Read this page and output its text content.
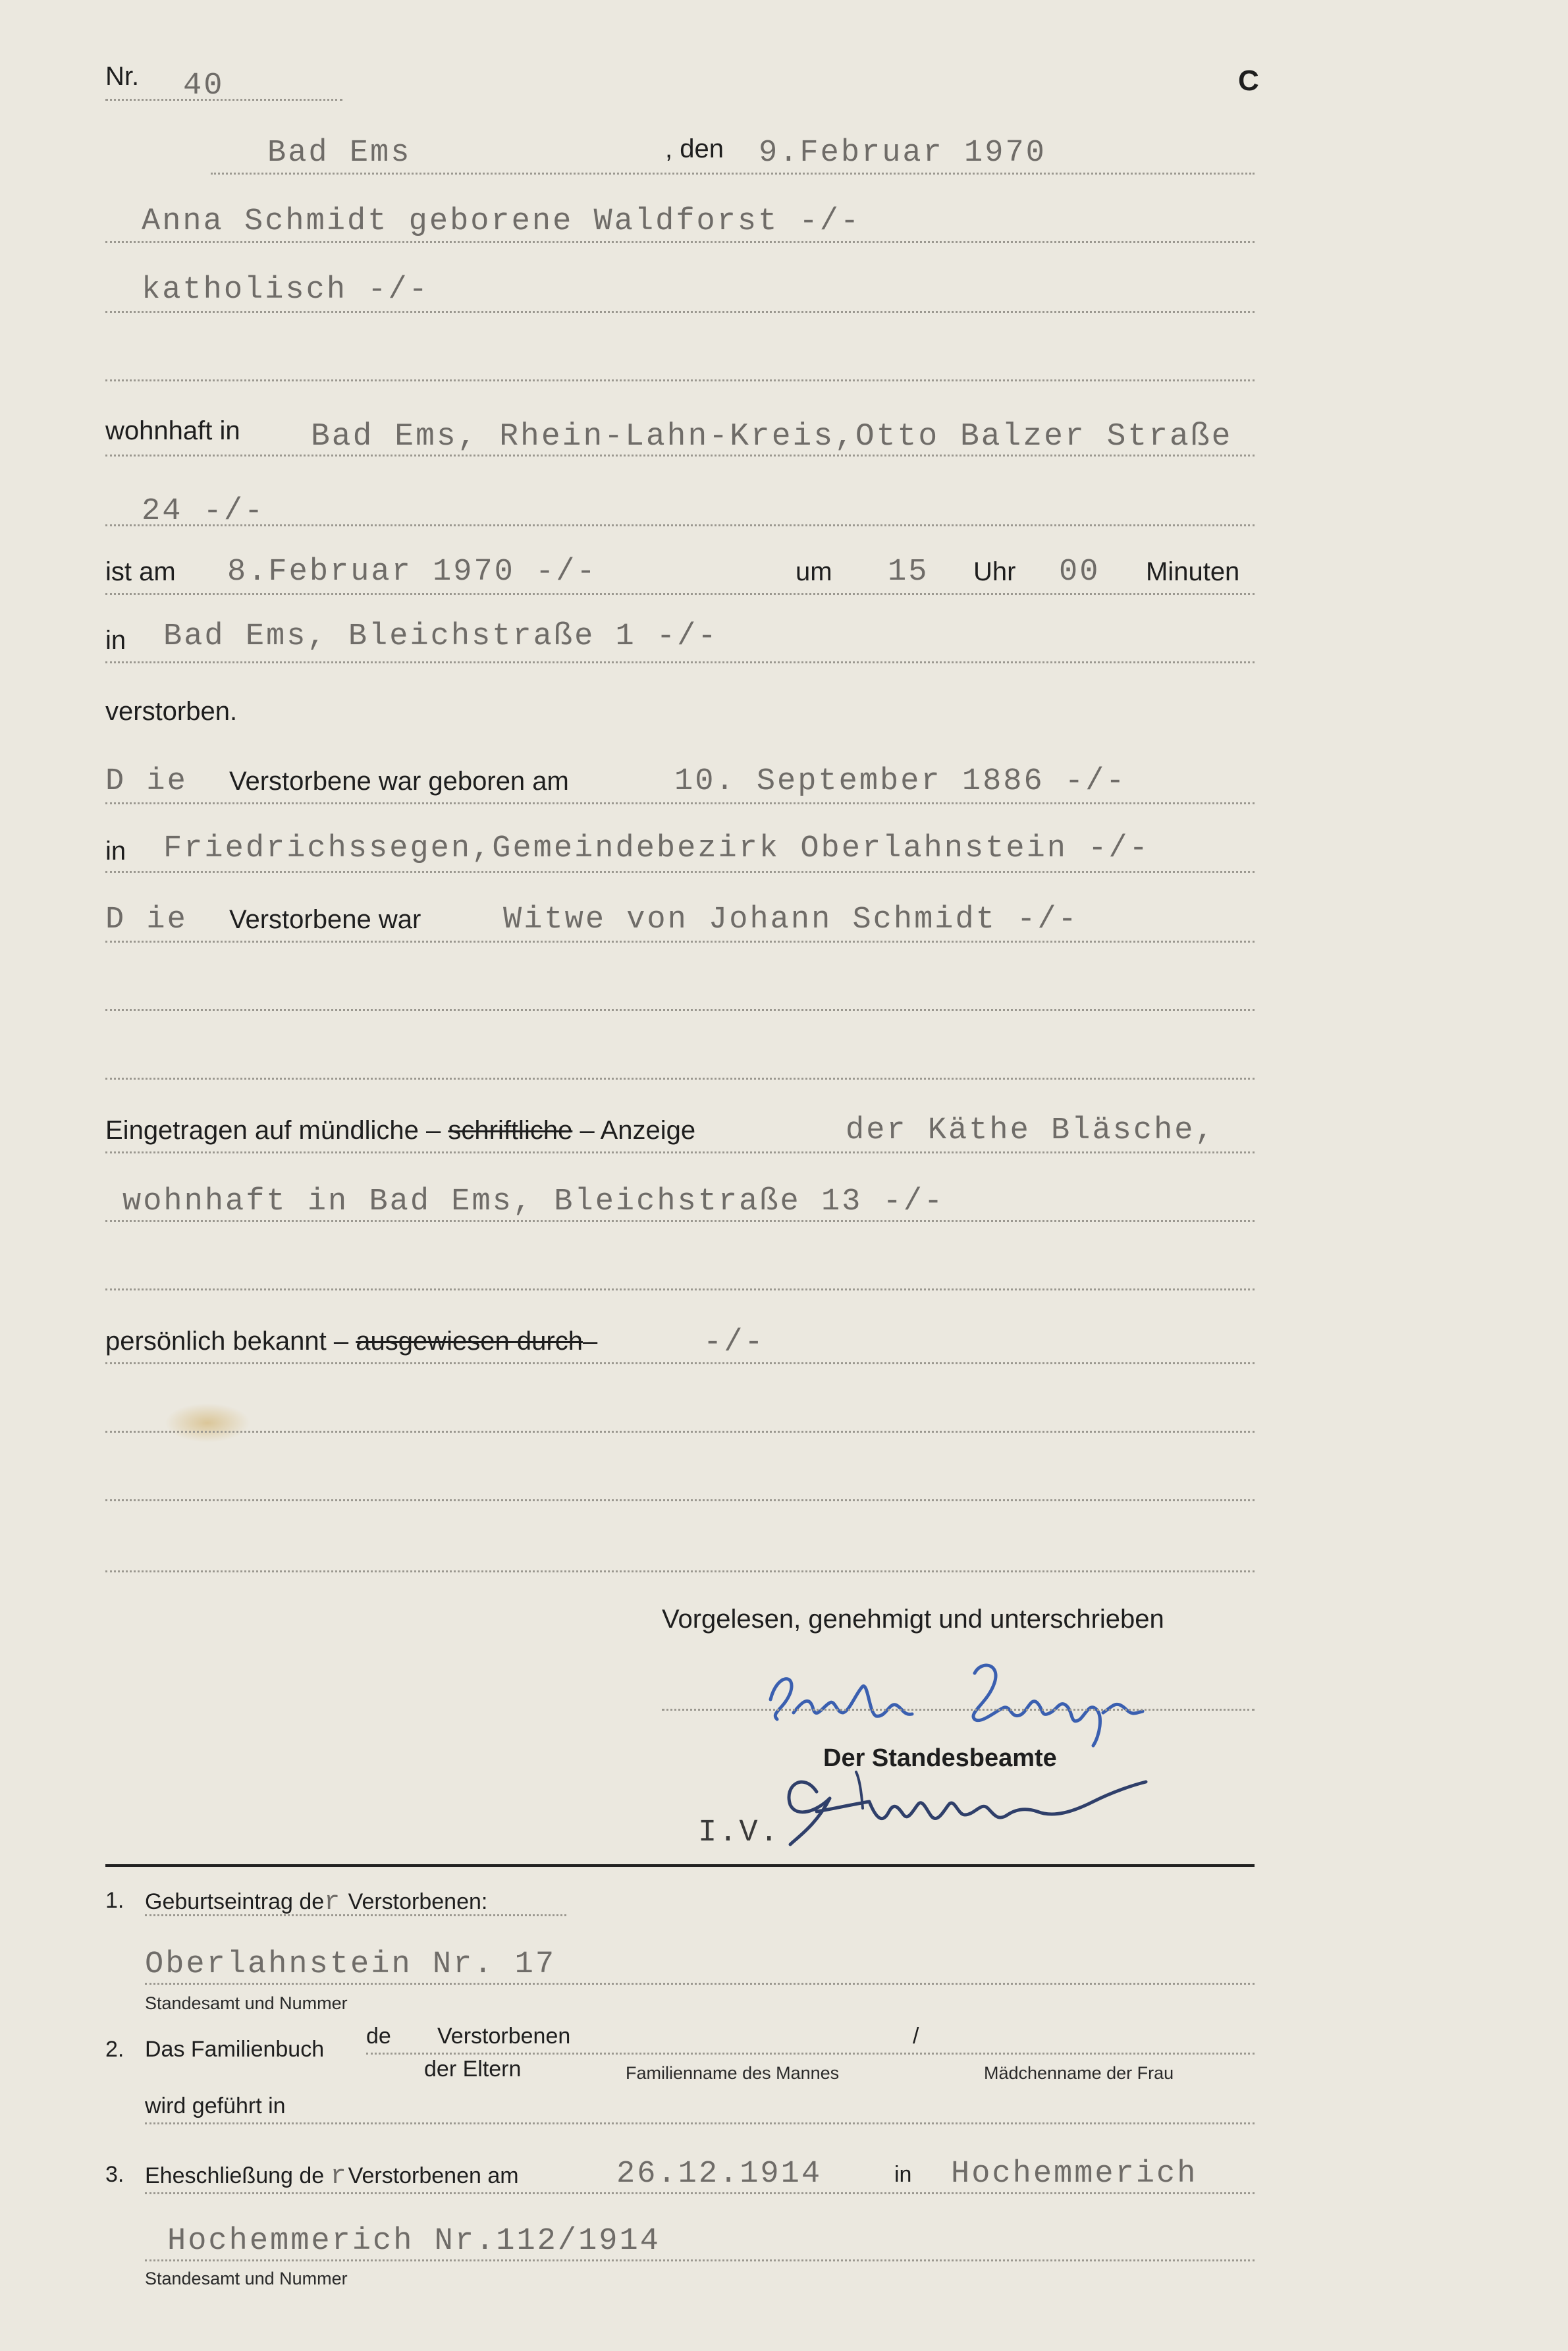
Nr. 40	C
Bad Ems	, den 9.Februar 1970
Anna Schmidt geborene Waldforst -/-
katholisch -/-
wohnhaft in Bad Ems, Rhein-Lahn-Kreis,Otto Balzer Straße
24 -/-
ist am 8.Februar 1970 -/-	um 15 Uhr 00 Minuten
in Bad Ems, Bleichstraße 1 -/-
verstorben.
D ie Verstorbene war geboren am	10. September 1886 -/-
in Friedrichssegen,Gemeindebezirk Oberlahnstein -/-
D ie Verstorbene war	Witwe von Johann Schmidt -/-
Eingetragen auf mündliche – schriftliche – Anzeige	der Käthe Bläsche,
wohnhaft in Bad Ems, Bleichstraße 13 -/-
persönlich bekannt – ausgewiesen durch–	-/-
Vorgelesen, genehmigt und unterschrieben
Der Standesbeamte
I.V.
1. Geburtseintrag der Verstorbenen:
Oberlahnstein Nr. 17
Standesamt und Nummer
2. Das Familienbuch
de Verstorbenen	/
der Eltern	Familienname des Mannes	Mädchenname der Frau
wird geführt in
3. Eheschließung de rVerstorbenen am	26.12.1914	in Hochemmerich
Hochemmerich Nr.112/1914
Standesamt und Nummer
